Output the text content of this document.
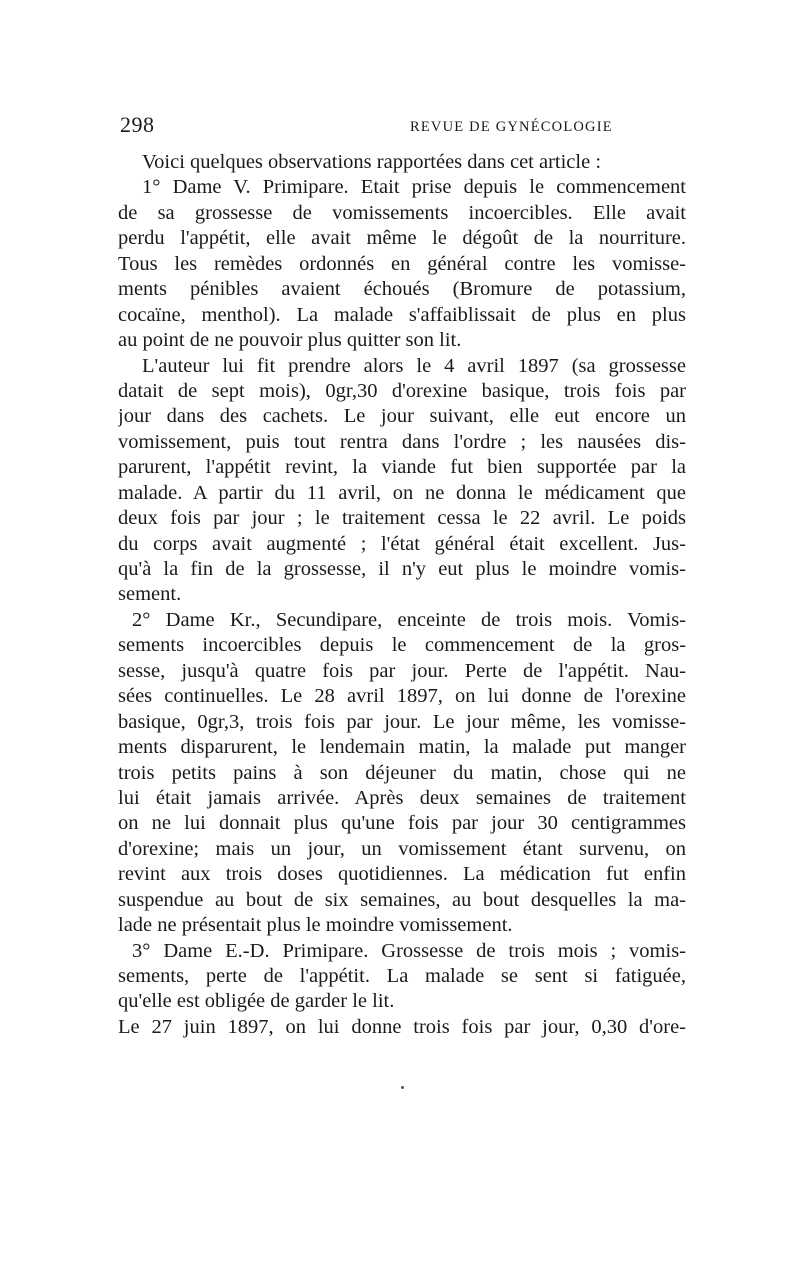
298	REVUE DE GYNÉCOLOGIE
Voici quelques observations rapportées dans cet article :
1° Dame V. Primipare. Etait prise depuis le commencement
de sa grossesse de vomissements incoercibles. Elle avait
perdu l'appétit, elle avait même le dégoût de la nourriture.
Tous les remèdes ordonnés en général contre les vomisse-
ments pénibles avaient échoués (Bromure de potassium,
cocaïne, menthol). La malade s'affaiblissait de plus en plus
au point de ne pouvoir plus quitter son lit.
L'auteur lui fit prendre alors le 4 avril 1897 (sa grossesse
datait de sept mois), 0gr,30 d'orexine basique, trois fois par
jour dans des cachets. Le jour suivant, elle eut encore un
vomissement, puis tout rentra dans l'ordre ; les nausées dis-
parurent, l'appétit revint, la viande fut bien supportée par la
malade. A partir du 11 avril, on ne donna le médicament que
deux fois par jour ; le traitement cessa le 22 avril. Le poids
du corps avait augmenté ; l'état général était excellent. Jus-
qu'à la fin de la grossesse, il n'y eut plus le moindre vomis-
sement.
2° Dame Kr., Secundipare, enceinte de trois mois. Vomis-
sements incoercibles depuis le commencement de la gros-
sesse, jusqu'à quatre fois par jour. Perte de l'appétit. Nau-
sées continuelles. Le 28 avril 1897, on lui donne de l'orexine
basique, 0gr,3, trois fois par jour. Le jour même, les vomisse-
ments disparurent, le lendemain matin, la malade put manger
trois petits pains à son déjeuner du matin, chose qui ne
lui était jamais arrivée. Après deux semaines de traitement
on ne lui donnait plus qu'une fois par jour 30 centigrammes
d'orexine; mais un jour, un vomissement étant survenu, on
revint aux trois doses quotidiennes. La médication fut enfin
suspendue au bout de six semaines, au bout desquelles la ma-
lade ne présentait plus le moindre vomissement.
3° Dame E.-D. Primipare. Grossesse de trois mois ; vomis-
sements, perte de l'appétit. La malade se sent si fatiguée,
qu'elle est obligée de garder le lit.
Le 27 juin 1897, on lui donne trois fois par jour, 0,30 d'ore-
